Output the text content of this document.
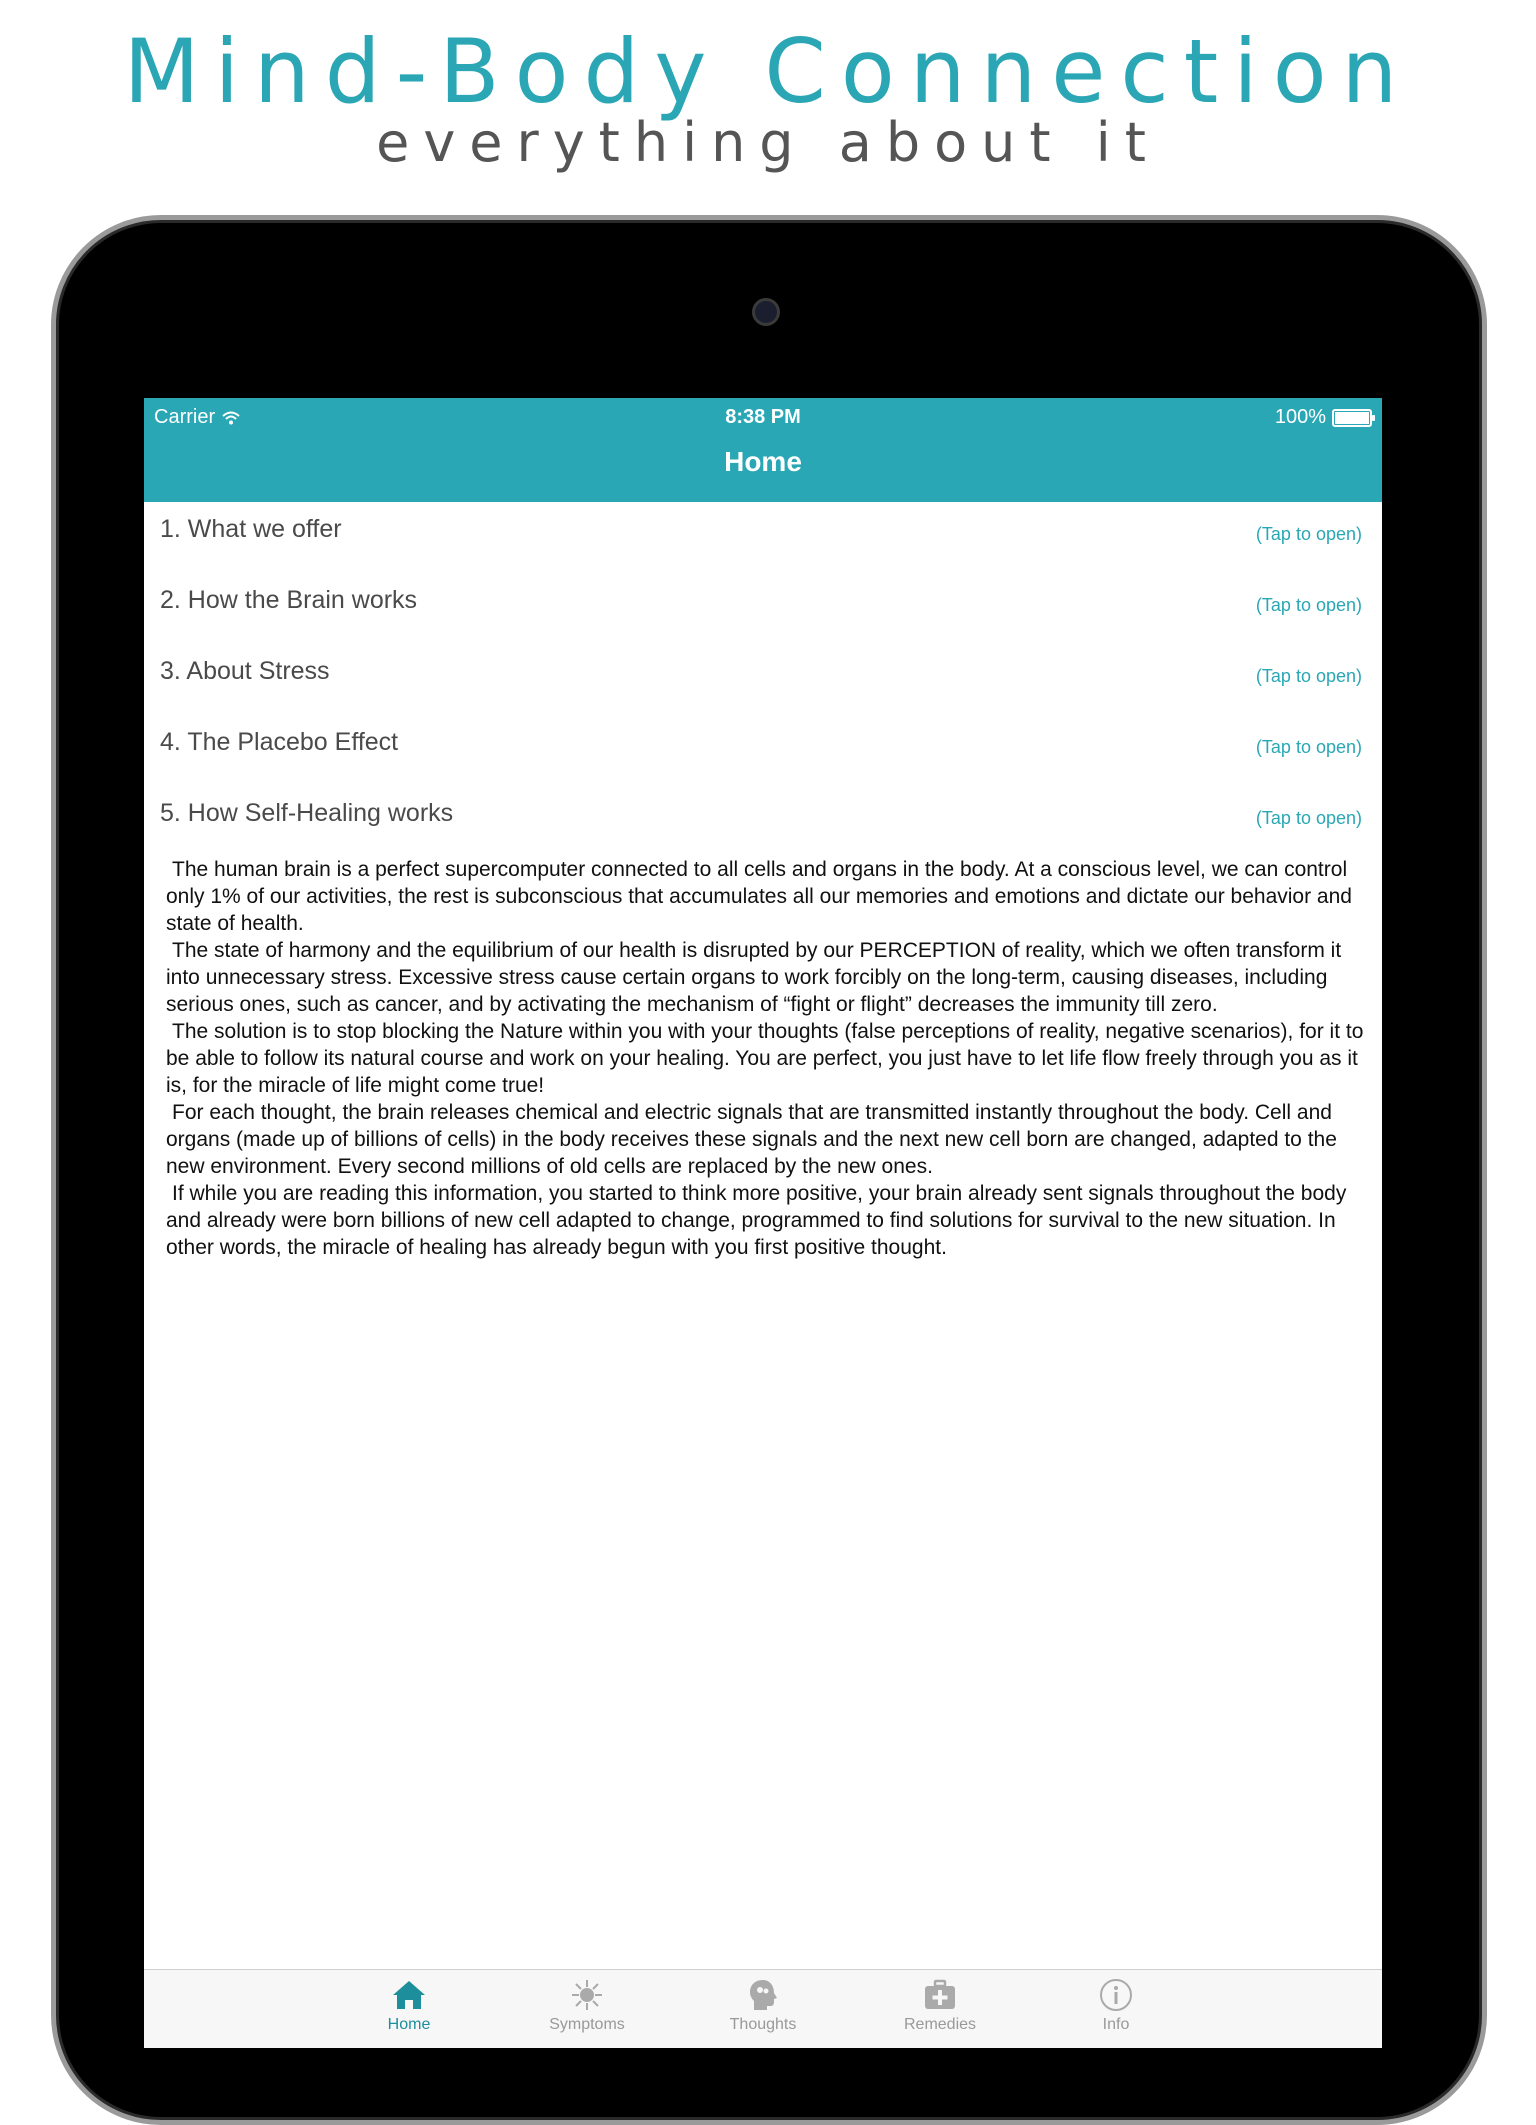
Mind-Body Connection
everything about it
Carrier	8:38 PM	100%
Home
1. What we offer	(Tap to open)
2. How the Brain works	(Tap to open)
3. About Stress	(Tap to open)
4. The Placebo Effect	(Tap to open)
5. How Self-Healing works	(Tap to open)

The human brain is a perfect supercomputer connected to all cells and organs in the body. At a conscious level, we can control only 1% of our activities, the rest is subconscious that accumulates all our memories and emotions and dictate our behavior and state of health.

The state of harmony and the equilibrium of our health is disrupted by our PERCEPTION of reality, which we often transform it into unnecessary stress. Excessive stress cause certain organs to work forcibly on the long-term, causing diseases, including serious ones, such as cancer, and by activating the mechanism of “fight or flight” decreases the immunity till zero.

The solution is to stop blocking the Nature within you with your thoughts (false perceptions of reality, negative scenarios), for it to be able to follow its natural course and work on your healing. You are perfect, you just have to let life flow freely through you as it is, for the miracle of life might come true!

For each thought, the brain releases chemical and electric signals that are transmitted instantly throughout the body. Cell and organs (made up of billions of cells) in the body receives these signals and the next new cell born are changed, adapted to the new environment. Every second millions of old cells are replaced by the new ones.

If while you are reading this information, you started to think more positive, your brain already sent signals throughout the body and already were born billions of new cell adapted to change, programmed to find solutions for survival to the new situation. In other words, the miracle of healing has already begun with you first positive thought.

Home	Symptoms	Thoughts	Remedies	Info
